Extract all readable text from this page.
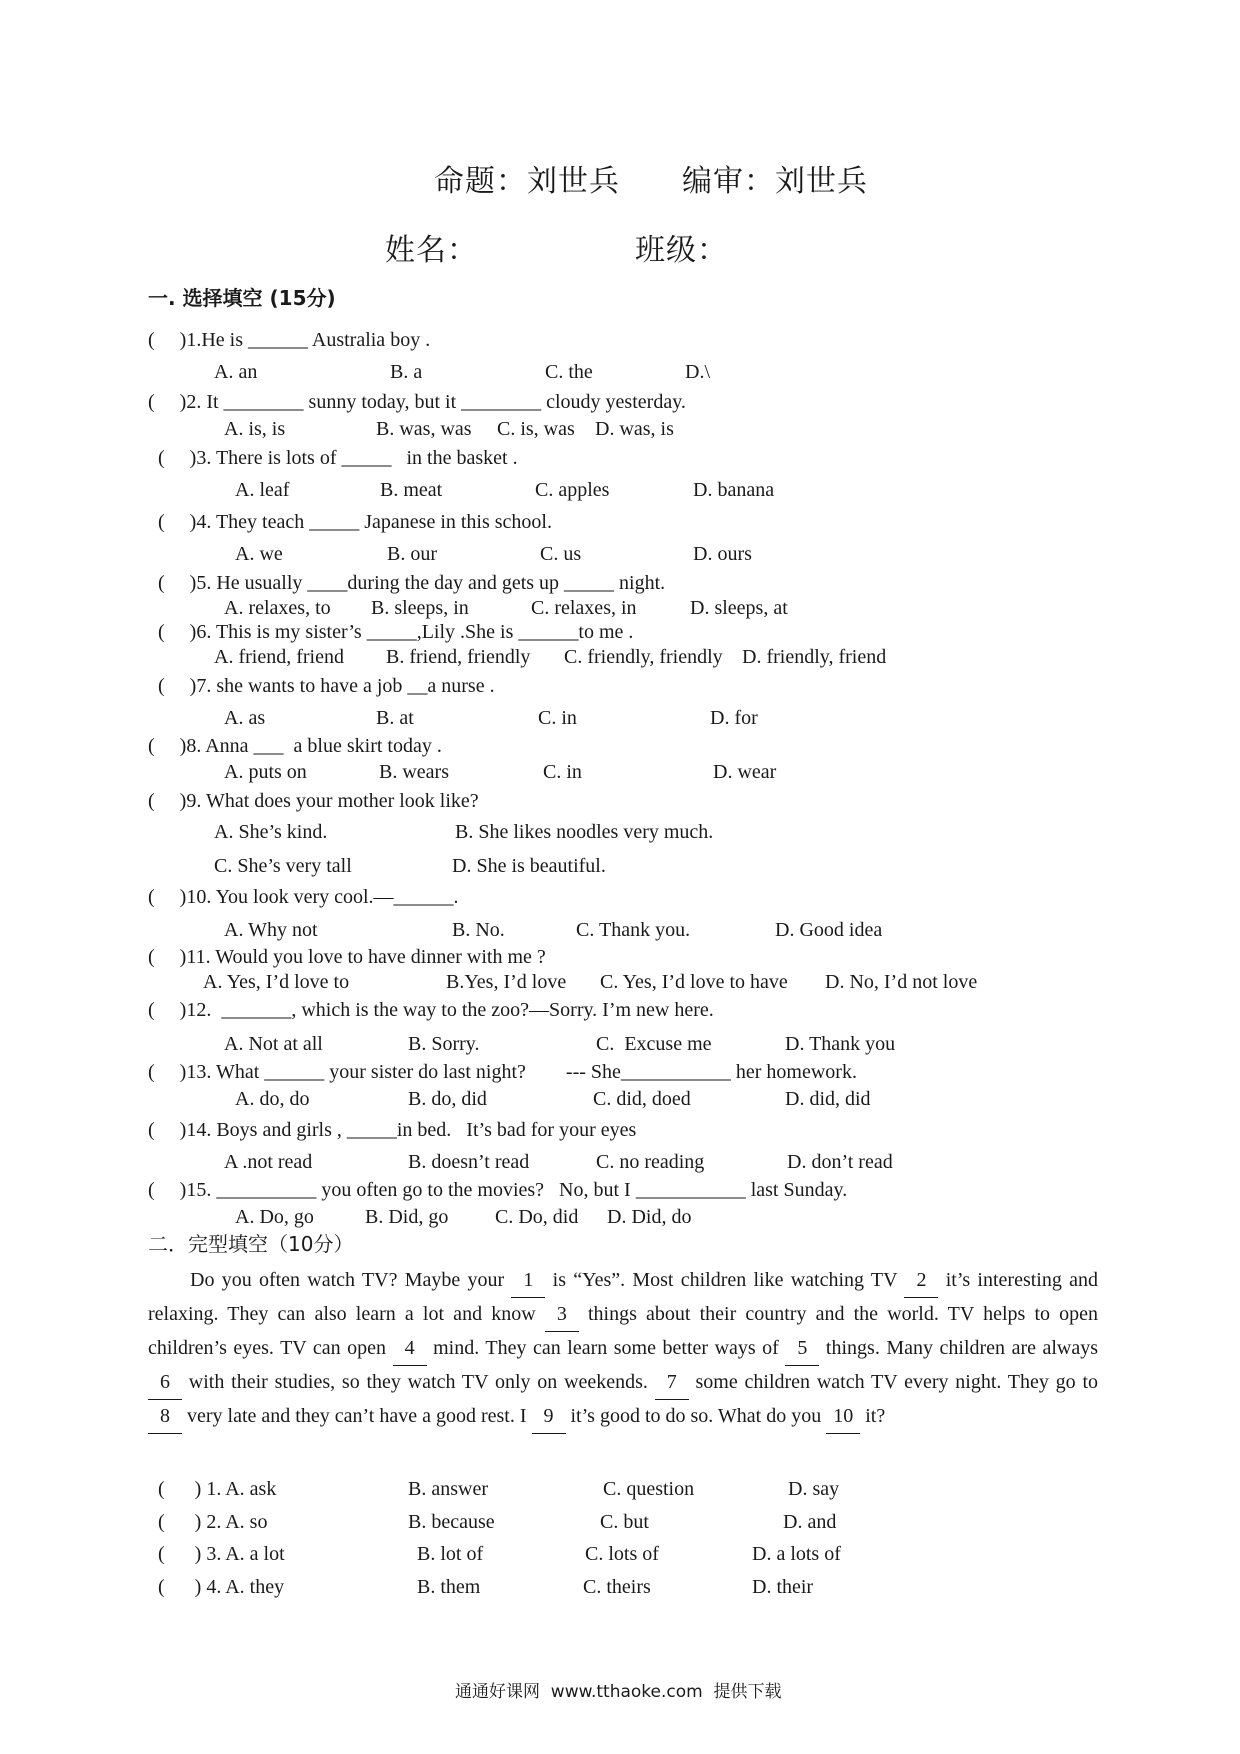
命题：刘世兵　　编审：刘世兵
姓名：	班级：
一. 选择填空 (15分)
(     )1.He is ______ Australia boy .
A. an	B. a	C. the	D.\
(     )2. It ________ sunny today, but it ________ cloudy yesterday.
A. is, is	B. was, was C. is, was D. was, is
(     )3. There is lots of _____   in the basket .
A. leaf	B. meat	C. apples	D. banana
(     )4. They teach _____ Japanese in this school.
A. we	B. our	C. us	D. ours
(     )5. He usually ____during the day and gets up _____ night.
A. relaxes, to B. sleeps, in	C. relaxes, in	D. sleeps, at
(     )6. This is my sister’s _____,Lily .She is ______to me .
A. friend, friend B. friend, friendly C. friendly, friendly D. friendly, friend
(     )7. she wants to have a job __a nurse .
A. as	B. at	C. in	D. for
(     )8. Anna ___  a blue skirt today .
A. puts on	B. wears	C. in	D. wear
(     )9. What does your mother look like?
A. She’s kind.	B. She likes noodles very much.
C. She’s very tall	D. She is beautiful.
(     )10. You look very cool.—______.
A. Why not	B. No.	C. Thank you.	D. Good idea
(     )11. Would you love to have dinner with me ?
A. Yes, I’d love to	B.Yes, I’d love C. Yes, I’d love to have D. No, I’d not love
(     )12.  _______, which is the way to the zoo?—Sorry. I’m new here.
A. Not at all	B. Sorry.	C.  Excuse me	D. Thank you
(     )13. What ______ your sister do last night?        --- She___________ her homework.
A. do, do	B. do, did	C. did, doed	D. did, did
(     )14. Boys and girls , _____in bed.   It’s bad for your eyes
A .not read	B. doesn’t read	C. no reading	D. don’t read
(     )15. __________ you often go to the movies?   No, but I ___________ last Sunday.
A. Do, go	B. Did, go C. Do, did D. Did, do
二．完型填空（10分）
Do you often watch TV? Maybe your 1 is “Yes”. Most children like watching TV 2 it’s interesting and relaxing. They can also learn a lot and know 3 things about their country and the world. TV helps to open children’s eyes. TV can open 4 mind. They can learn some better ways of 5 things. Many children are always 6 with their studies, so they watch TV only on weekends. 7 some children watch TV every night. They go to 8 very late and they can’t have a good rest. I 9 it’s good to do so. What do you 10 it?
(      ) 1. A. ask	B. answer	C. question	D. say
(      ) 2. A. so	B. because	C. but	D. and
(      ) 3. A. a lot	B. lot of	C. lots of	D. a lots of
(      ) 4. A. they	B. them	C. theirs	D. their
通通好课网  www.tthaoke.com  提供下载
